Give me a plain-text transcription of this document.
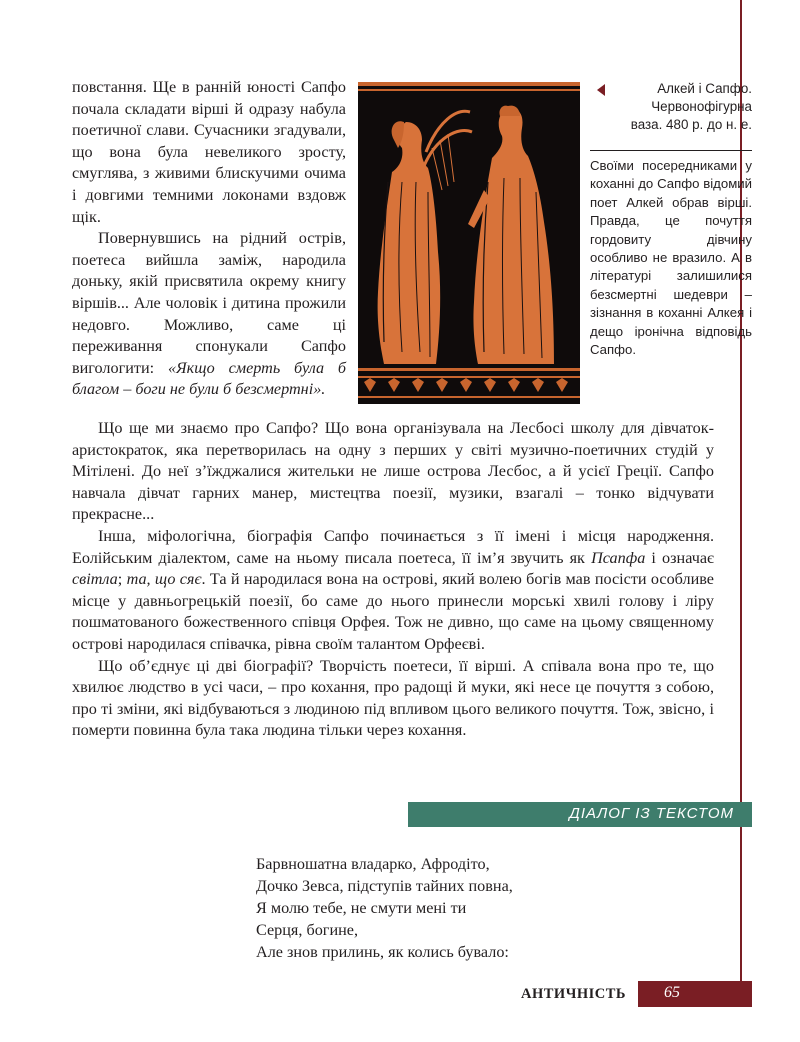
повстання. Ще в ранній юності Сапфо почала складати вірші й одразу набула поетичної слави. Сучасники згадували, що вона була невеликого зросту, смуглява, з живими блискучими очима і довгими темними локонами вздовж щік.

Повернувшись на рідний острів, поетеса вийшла заміж, народила доньку, якій присвятила окрему книгу віршів... Але чоловік і дитина прожили недовго. Можливо, саме ці переживання спонукали Сапфо вигологити: «Якщо смерть була б благом – боги не були б безсмертні».

Алкей і Сапфо.
Червонофігурна
ваза. 480 р. до н. е.

Своїми посередниками у коханні до Сапфо відомий поет Алкей обрав вірші. Правда, це почуття гордовиту дівчину особливо не вразило. А в літературі залишилися безсмертні шедеври – зізнання в коханні Алкея і дещо іронічна відповідь Сапфо.

Що ще ми знаємо про Сапфо? Що вона організувала на Лесбосі школу для дівчаток-аристократок, яка перетворилась на одну з перших у світі музично-поетичних студій у Мітілені. До неї з’їжджалися жительки не лише острова Лесбос, а й усієї Греції. Сапфо навчала дівчат гарних манер, мистецтва поезії, музики, взагалі – тонко відчувати прекрасне...

Інша, міфологічна, біографія Сапфо починається з її імені і місця народження. Еолійським діалектом, саме на ньому писала поетеса, її ім’я звучить як Псапфа і означає світла; та, що сяє. Та й народилася вона на острові, який волею богів мав посісти особливе місце у давньогрецькій поезії, бо саме до нього принесли морські хвилі голову і ліру пошматованого божественного співця Орфея. Тож не дивно, що саме на цьому священному острові народилася співачка, рівна своїм талантом Орфеєві.

Що об’єднує ці дві біографії? Творчість поетеси, її вірші. А співала вона про те, що хвилює людство в усі часи, – про кохання, про радощі й муки, які несе це почуття з собою, про ті зміни, які відбуваються з людиною під впливом цього великого почуття. Тож, звісно, і померти повинна була така людина тільки через кохання.

ДІАЛОГ ІЗ ТЕКСТОМ
Барвношатна владарко, Афродіто,
Дочко Зевса, підступів тайних повна,
Я молю тебе, не смути мені ти
Серця, богине,
Але знов прилинь, як колись бувало:
АНТИЧНІСТЬ 65
